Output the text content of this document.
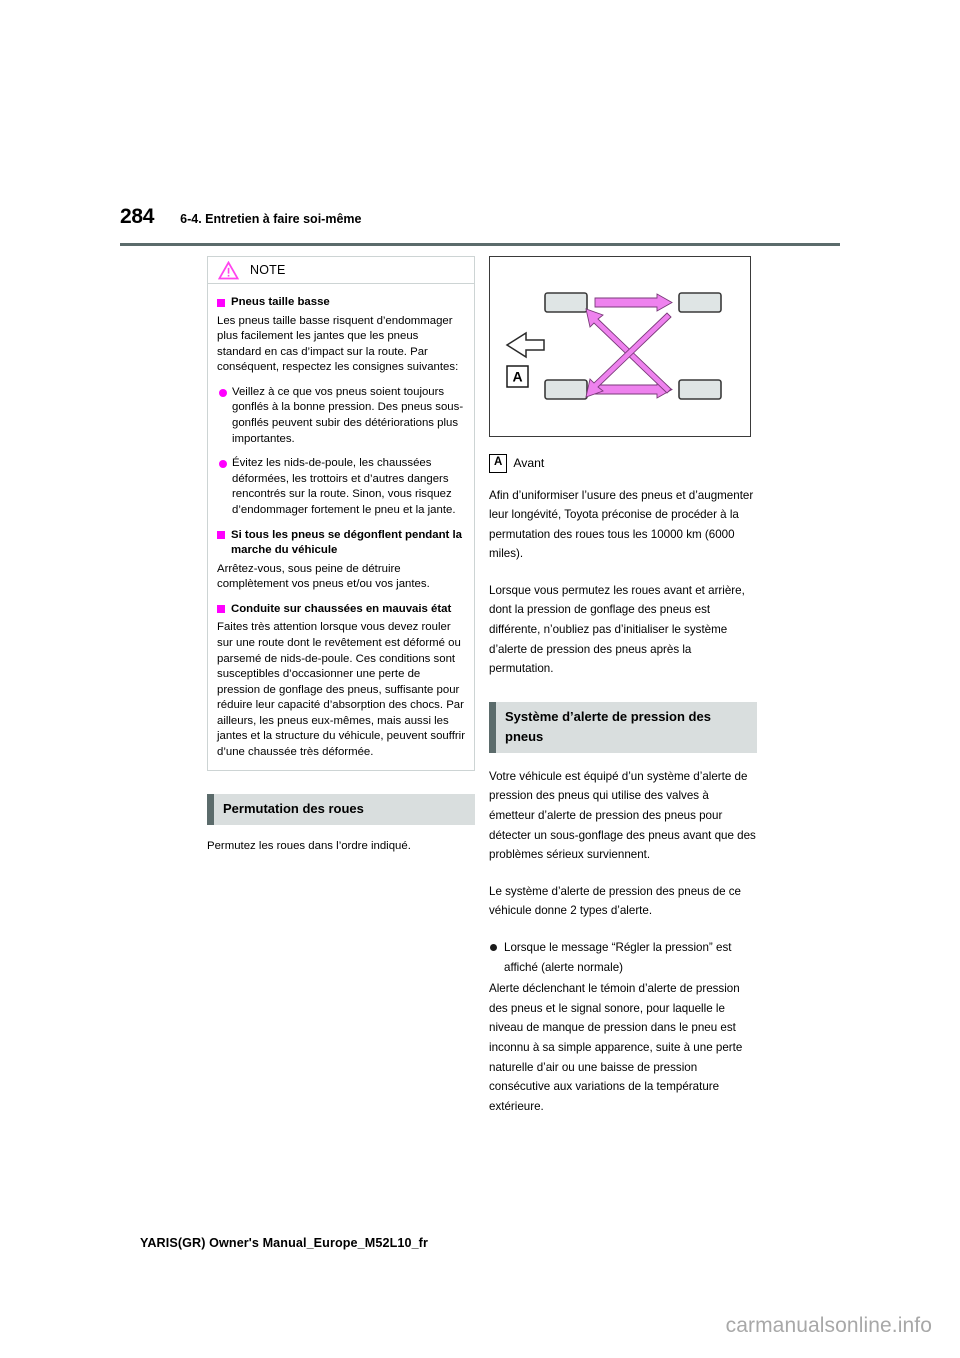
284 6-4. Entretien à faire soi-même
NOTE
Pneus taille basse

Les pneus taille basse risquent d’endommager plus facilement les jantes que les pneus standard en cas d’impact sur la route. Par conséquent, respectez les consignes suivantes:

Veillez à ce que vos pneus soient toujours gonflés à la bonne pression. Des pneus sous-gonflés peuvent subir des détériorations plus importantes.
Évitez les nids-de-poule, les chaussées déformées, les trottoirs et d’autres dangers rencontrés sur la route. Sinon, vous risquez d’endommager fortement le pneu et la jante.
Si tous les pneus se dégonflent pendant la marche du véhicule

Arrêtez-vous, sous peine de détruire complètement vos pneus et/ou vos jantes.

Conduite sur chaussées en mauvais état

Faites très attention lorsque vous devez rouler sur une route dont le revêtement est déformé ou parsemé de nids-de-poule. Ces conditions sont susceptibles d’occasionner une perte de pression de gonflage des pneus, suffisante pour réduire leur capacité d’absorption des chocs. Par ailleurs, les pneus eux-mêmes, mais aussi les jantes et la structure du véhicule, peuvent souffrir d’une chaussée très déformée.

Permutation des roues

Permutez les roues dans l’ordre indiqué.

A
A Avant

Afin d’uniformiser l’usure des pneus et d’augmenter leur longévité, Toyota préconise de procéder à la permutation des roues tous les 10000 km (6000 miles).

Lorsque vous permutez les roues avant et arrière, dont la pression de gonflage des pneus est différente, n’oubliez pas d’initialiser le système d’alerte de pression des pneus après la permutation.

Système d’alerte de pression des pneus

Votre véhicule est équipé d’un système d’alerte de pression des pneus qui utilise des valves à émetteur d’alerte de pression des pneus pour détecter un sous-gonflage des pneus avant que des problèmes sérieux surviennent.

Le système d’alerte de pression des pneus de ce véhicule donne 2 types d’alerte.

Lorsque le message “Régler la pression” est affiché (alerte normale)

Alerte déclenchant le témoin d’alerte de pression des pneus et le signal sonore, pour laquelle le niveau de manque de pression dans le pneu est inconnu à sa simple apparence, suite à une perte naturelle d’air ou une baisse de pression consécutive aux variations de la température extérieure.

YARIS(GR) Owner's Manual_Europe_M52L10_fr
carmanualsonline.info
